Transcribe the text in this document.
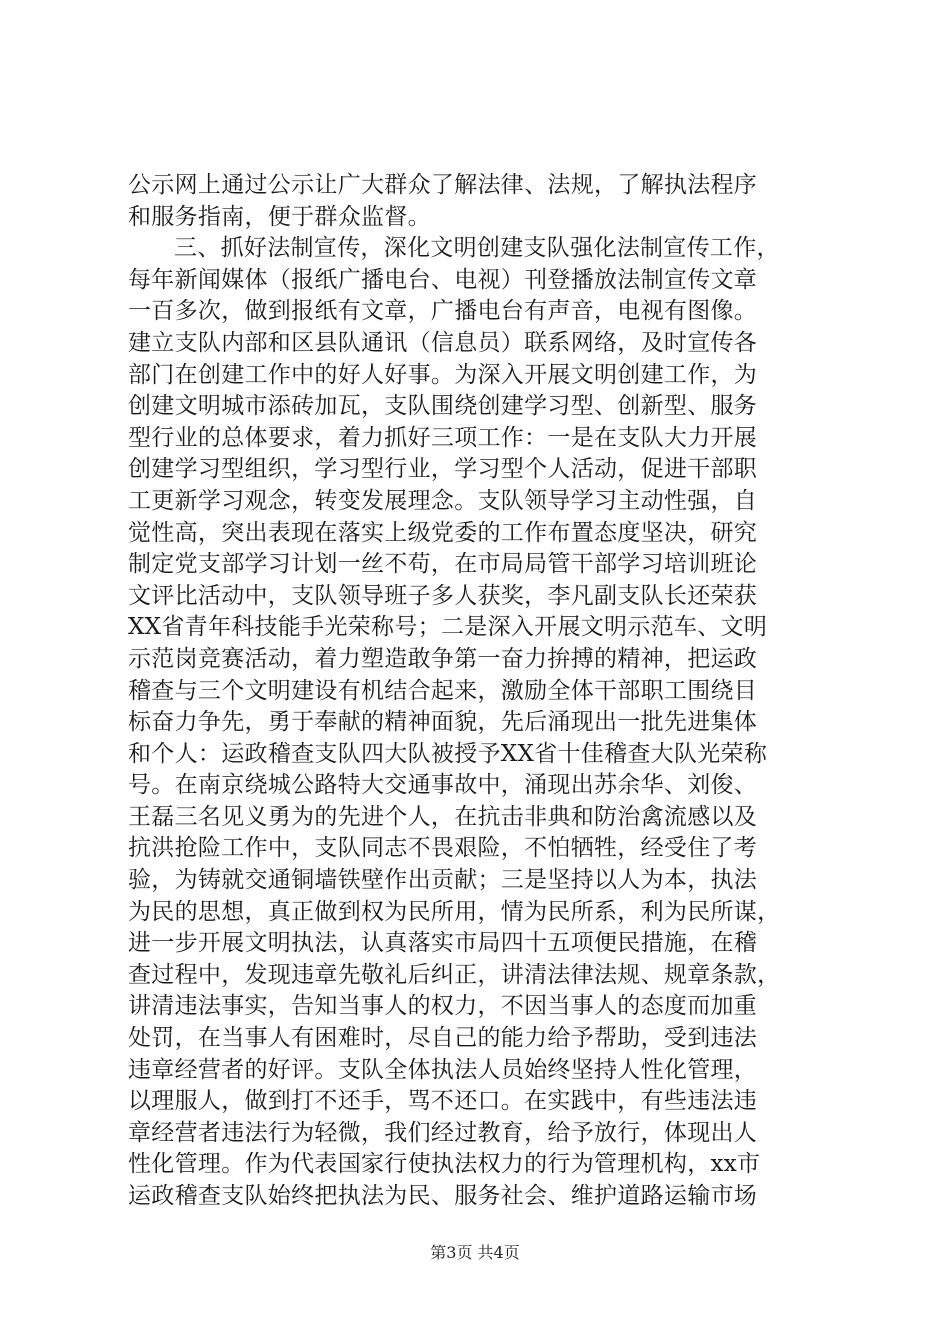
公示网上通过公示让广大群众了解法律、法规，了解执法程序
和服务指南，便于群众监督。
三、抓好法制宣传，深化文明创建支队强化法制宣传工作，
每年新闻媒体（报纸广播电台、电视）刊登播放法制宣传文章
一百多次，做到报纸有文章，广播电台有声音，电视有图像。
建立支队内部和区县队通讯（信息员）联系网络，及时宣传各
部门在创建工作中的好人好事。为深入开展文明创建工作，为
创建文明城市添砖加瓦，支队围绕创建学习型、创新型、服务
型行业的总体要求，着力抓好三项工作：一是在支队大力开展
创建学习型组织，学习型行业，学习型个人活动，促进干部职
工更新学习观念，转变发展理念。支队领导学习主动性强，自
觉性高，突出表现在落实上级党委的工作布置态度坚决，研究
制定党支部学习计划一丝不苟，在市局局管干部学习培训班论
文评比活动中，支队领导班子多人获奖，李凡副支队长还荣获
XX省青年科技能手光荣称号；二是深入开展文明示范车、文明
示范岗竞赛活动，着力塑造敢争第一奋力拚搏的精神，把运政
稽查与三个文明建设有机结合起来，激励全体干部职工围绕目
标奋力争先，勇于奉献的精神面貌，先后涌现出一批先进集体
和个人：运政稽查支队四大队被授予XX省十佳稽查大队光荣称
号。在南京绕城公路特大交通事故中，涌现出苏余华、刘俊、
王磊三名见义勇为的先进个人，在抗击非典和防治禽流感以及
抗洪抢险工作中，支队同志不畏艰险，不怕牺牲，经受住了考
验，为铸就交通铜墙铁壁作出贡献；三是坚持以人为本，执法
为民的思想，真正做到权为民所用，情为民所系，利为民所谋，
进一步开展文明执法，认真落实市局四十五项便民措施，在稽
查过程中，发现违章先敬礼后纠正，讲清法律法规、规章条款，
讲清违法事实，告知当事人的权力，不因当事人的态度而加重
处罚，在当事人有困难时，尽自己的能力给予帮助，受到违法
违章经营者的好评。支队全体执法人员始终坚持人性化管理，
以理服人，做到打不还手，骂不还口。在实践中，有些违法违
章经营者违法行为轻微，我们经过教育，给予放行，体现出人
性化管理。作为代表国家行使执法权力的行为管理机构，xx市
运政稽查支队始终把执法为民、服务社会、维护道路运输市场
第3页 共4页
